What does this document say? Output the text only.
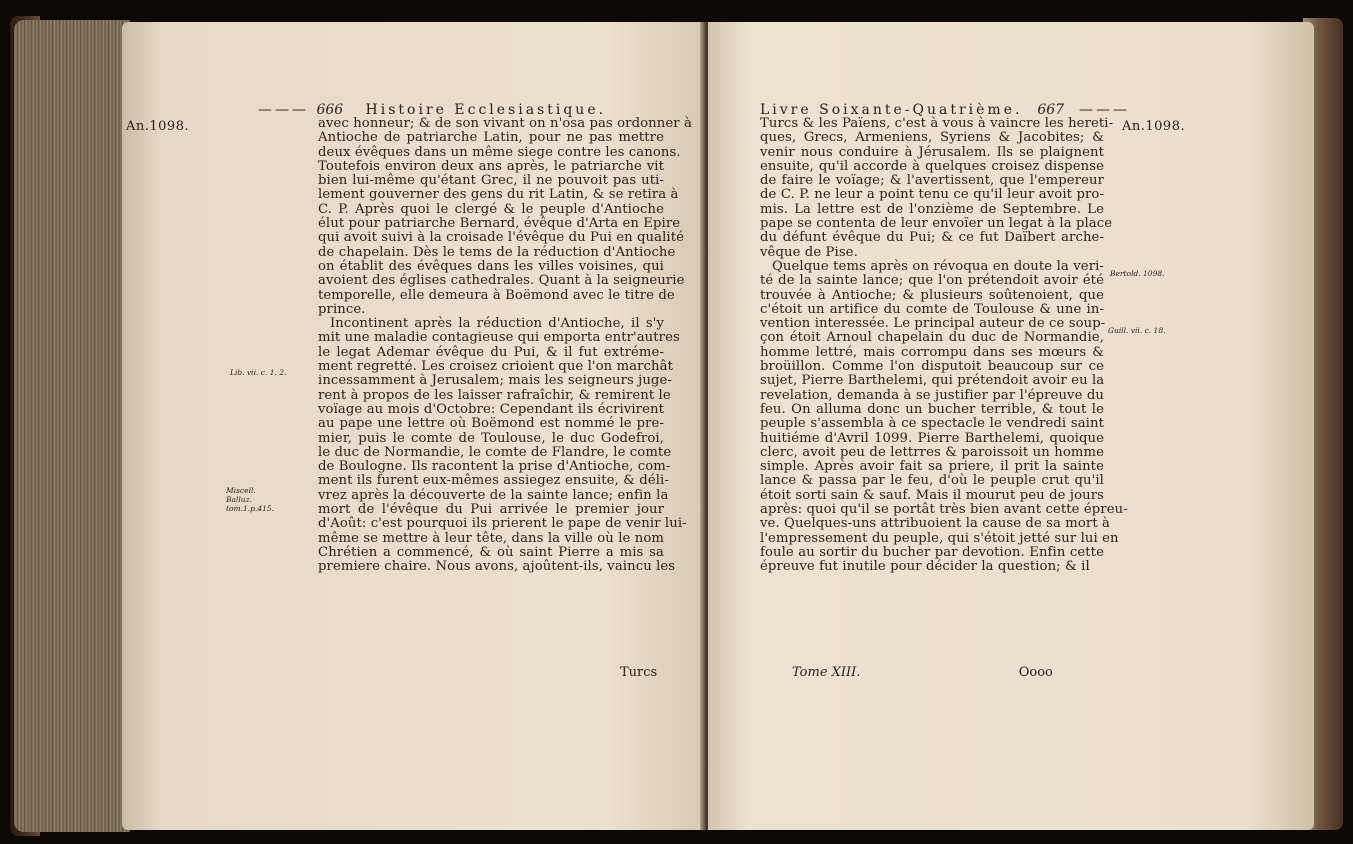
——— 666 Histoire Ecclesiastique.
An.1098.
Lib. vii. c. 1. 2.
Miscell. Balluz. tom.1.p.415.
avec honneur; & de son vivant on n'osa pas ordonner à
Antioche de patriarche Latin, pour ne pas mettre
deux évêques dans un même siege contre les canons.
Toutefois environ deux ans après, le patriarche vit
bien lui-même qu'étant Grec, il ne pouvoit pas uti-
lement gouverner des gens du rit Latin, & se retira à
C. P. Après quoi le clergé & le peuple d'Antioche
élut pour patriarche Bernard, évêque d'Arta en Epire
qui avoit suivi à la croisade l'évêque du Pui en qualité
de chapelain. Dès le tems de la réduction d'Antioche
on établit des évêques dans les villes voisines, qui
avoient des églises cathedrales. Quant à la seigneurie
temporelle, elle demeura à Boëmond avec le titre de
prince.
Incontinent après la réduction d'Antioche, il s'y
mit une maladie contagieuse qui emporta entr'autres
le legat Ademar évêque du Pui, & il fut extréme-
ment regretté. Les croisez crioient que l'on marchât
incessamment à Jerusalem; mais les seigneurs juge-
rent à propos de les laisser rafraîchir, & remirent le
voïage au mois d'Octobre: Cependant ils écrivirent
au pape une lettre où Boëmond est nommé le pre-
mier, puis le comte de Toulouse, le duc Godefroi,
le duc de Normandie, le comte de Flandre, le comte
de Boulogne. Ils racontent la prise d'Antioche, com-
ment ils furent eux-mêmes assiegez ensuite, & déli-
vrez après la découverte de la sainte lance; enfin la
mort de l'évêque du Pui arrivée le premier jour
d'Août: c'est pourquoi ils prierent le pape de venir lui-
même se mettre à leur tête, dans la ville où le nom
Chrétien a commencé, & où saint Pierre a mis sa
premiere chaire. Nous avons, ajoûtent-ils, vaincu les
Turcs
Livre Soixante-Quatrième. 667 ———
An.1098.
Bertold. 1098.
Guill. vii. c. 18.
Turcs & les Païens, c'est à vous à vaincre les hereti-
ques, Grecs, Armeniens, Syriens & Jacobites; &
venir nous conduire à Jérusalem. Ils se plaignent
ensuite, qu'il accorde à quelques croisez dispense
de faire le voïage; & l'avertissent, que l'empereur
de C. P. ne leur a point tenu ce qu'il leur avoit pro-
mis. La lettre est de l'onzième de Septembre. Le
pape se contenta de leur envoïer un legat à la place
du défunt évêque du Pui; & ce fut Daïbert arche-
vêque de Pise.
Quelque tems après on révoqua en doute la veri-
té de la sainte lance; que l'on prétendoit avoir été
trouvée à Antioche; & plusieurs soûtenoient, que
c'étoit un artifice du comte de Toulouse & une in-
vention interessée. Le principal auteur de ce soup-
çon étoit Arnoul chapelain du duc de Normandie,
homme lettré, mais corrompu dans ses mœurs &
broüillon. Comme l'on disputoit beaucoup sur ce
sujet, Pierre Barthelemi, qui prétendoit avoir eu la
revelation, demanda à se justifier par l'épreuve du
feu. On alluma donc un bucher terrible, & tout le
peuple s'assembla à ce spectacle le vendredi saint
huitiéme d'Avril 1099. Pierre Barthelemi, quoique
clerc, avoit peu de lettrres & paroissoit un homme
simple. Après avoir fait sa priere, il prit la sainte
lance & passa par le feu, d'où le peuple crut qu'il
étoit sorti sain & sauf. Mais il mourut peu de jours
après: quoi qu'il se portât très bien avant cette épreu-
ve. Quelques-uns attribuoient la cause de sa mort à
l'empressement du peuple, qui s'étoit jetté sur lui en
foule au sortir du bucher par devotion. Enfin cette
épreuve fut inutile pour décider la question; & il
Tome XIII.	Oooo
